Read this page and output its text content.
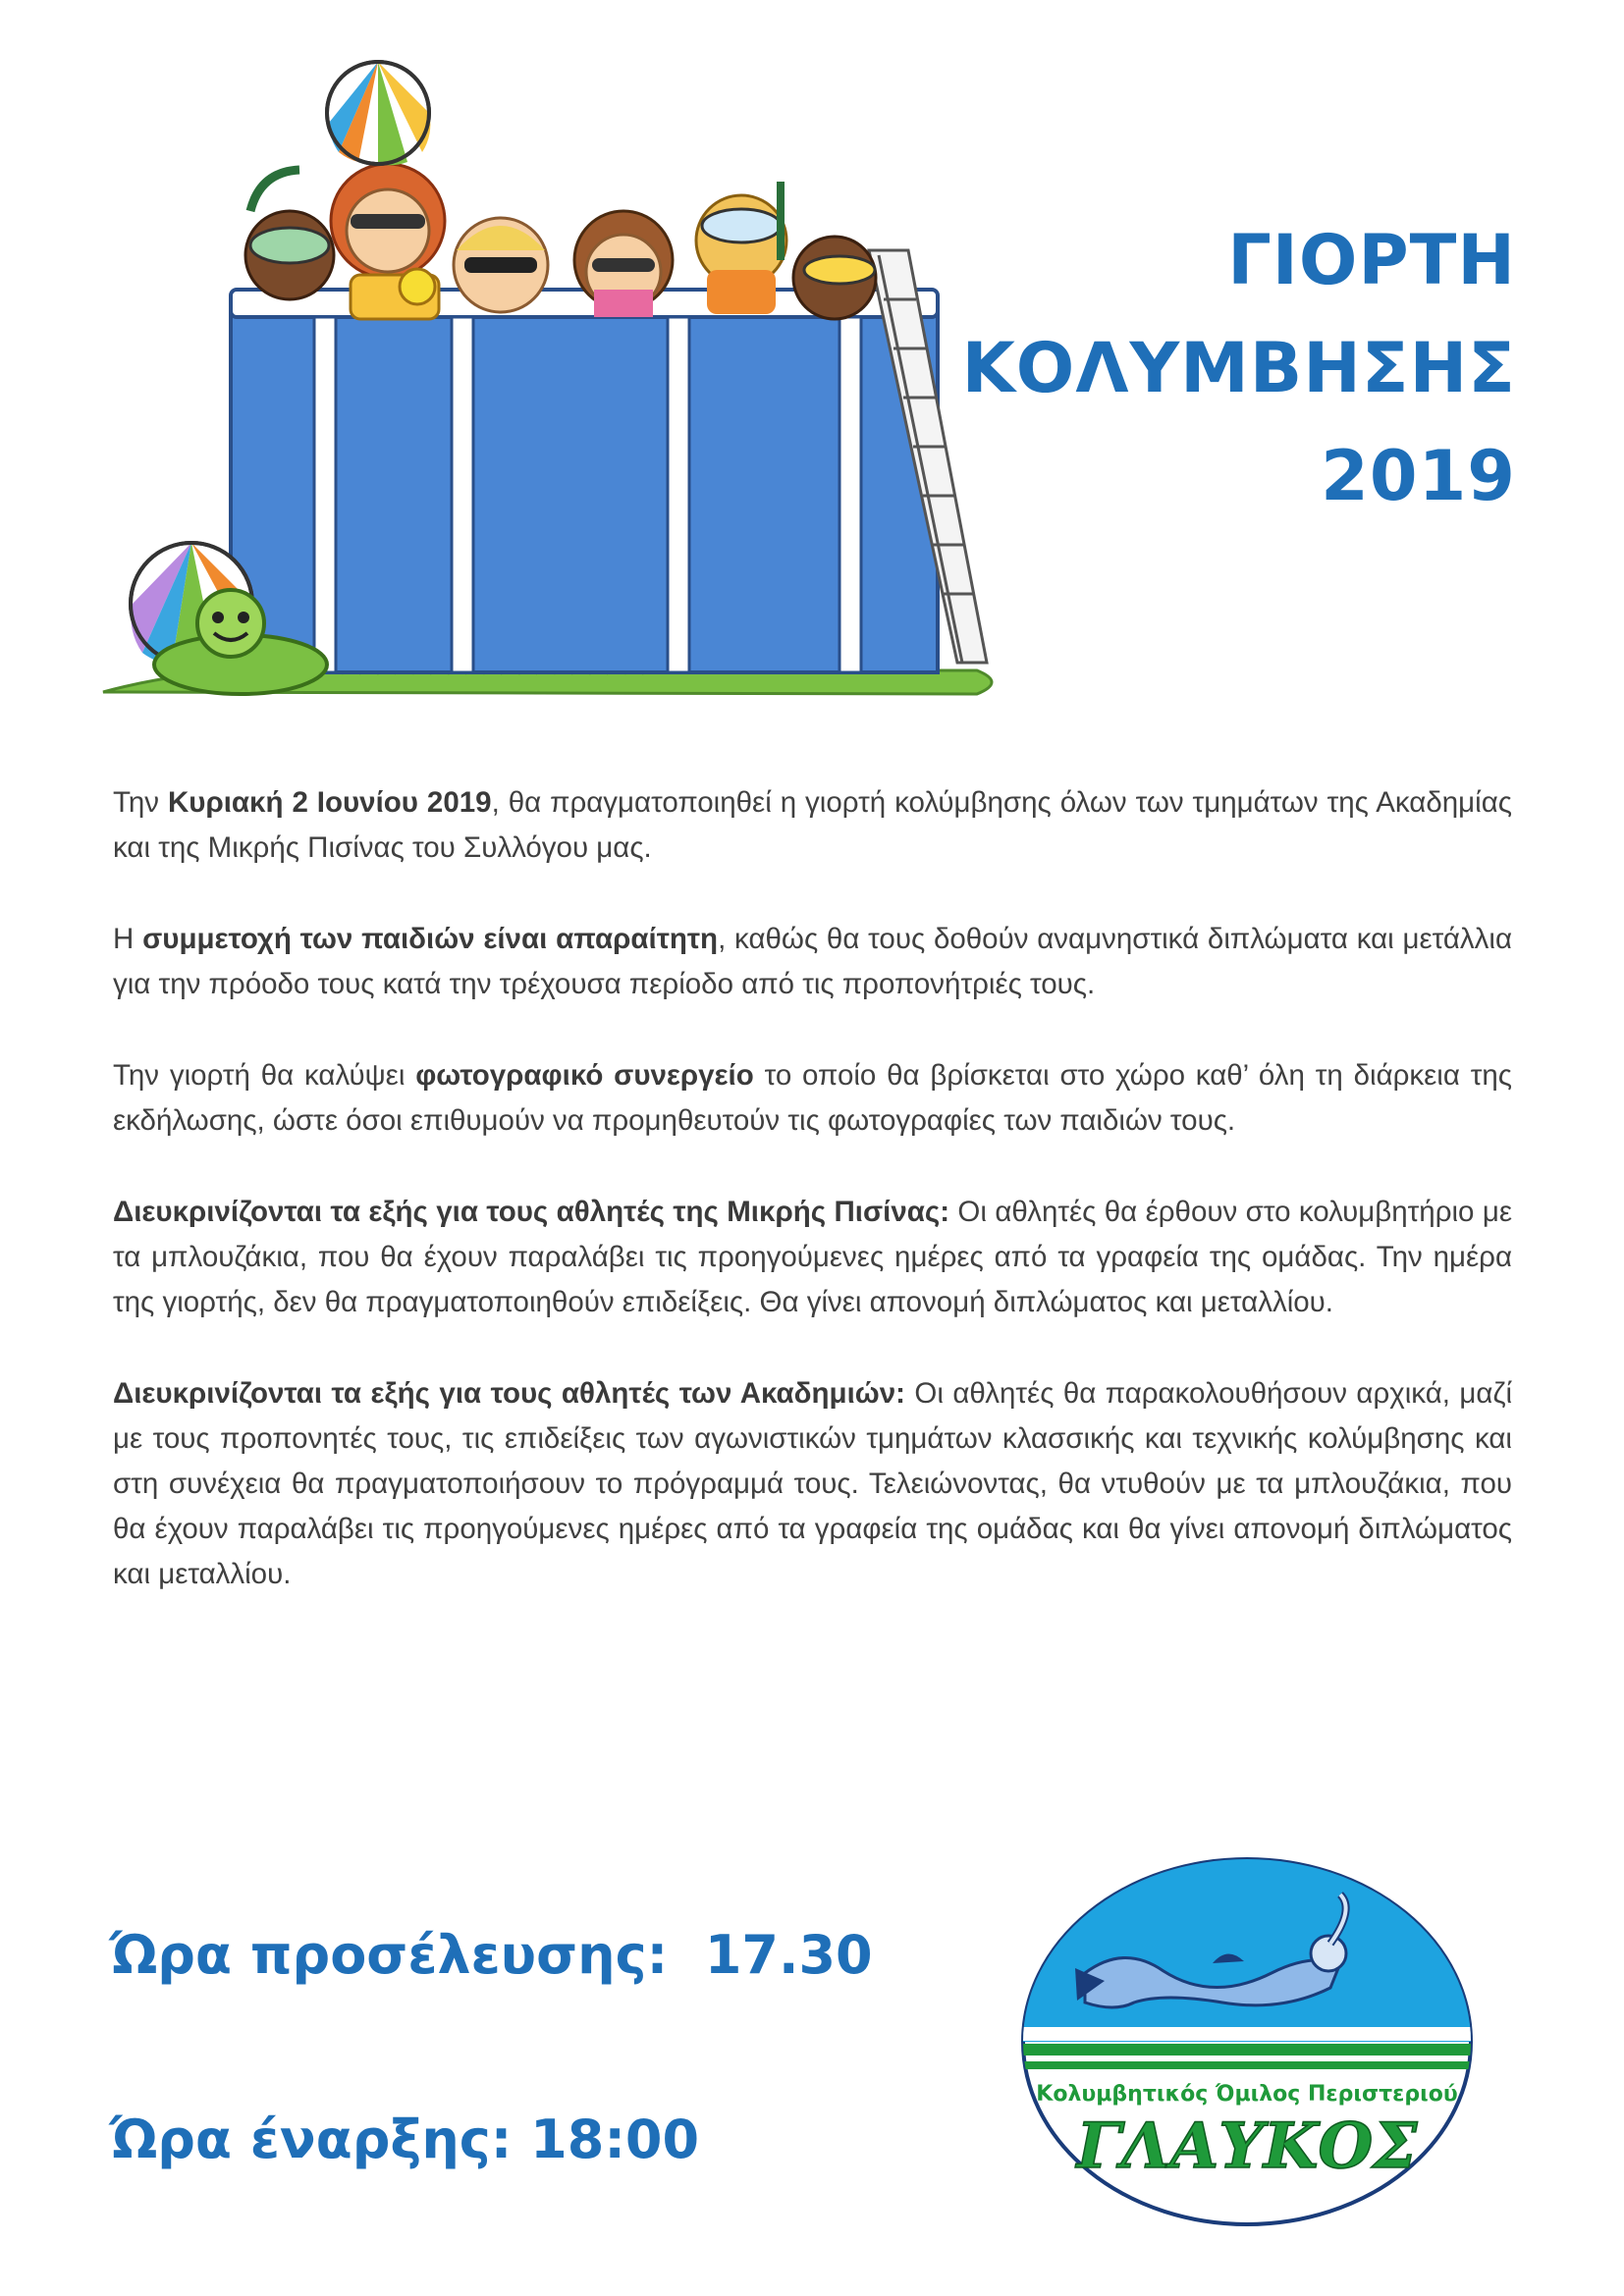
ΓΙΟΡΤΗ
ΚΟΛΥΜΒΗΣΗΣ
2019

Την Κυριακή 2 Ιουνίου 2019, θα πραγματοποιηθεί η γιορτή κολύμβησης όλων των τμημάτων της Ακαδημίας και της Μικρής Πισίνας του Συλλόγου μας.

Η συμμετοχή των παιδιών είναι απαραίτητη, καθώς θα τους δοθούν αναμνηστικά διπλώματα και μετάλλια για την πρόοδο τους κατά την τρέχουσα περίοδο από τις προπονήτριές τους.

Την γιορτή θα καλύψει φωτογραφικό συνεργείο το οποίο θα βρίσκεται στο χώρο καθ’ όλη τη διάρκεια της εκδήλωσης, ώστε όσοι επιθυμούν να προμηθευτούν τις φωτογραφίες των παιδιών τους.

Διευκρινίζονται τα εξής για τους αθλητές της Μικρής Πισίνας: Οι αθλητές θα έρθουν στο κολυμβητήριο με τα μπλουζάκια, που θα έχουν παραλάβει τις προηγούμενες ημέρες από τα γραφεία της ομάδας. Την ημέρα της γιορτής, δεν θα πραγματοποιηθούν επιδείξεις. Θα γίνει απονομή διπλώματος και μεταλλίου.

Διευκρινίζονται τα εξής για τους αθλητές των Ακαδημιών: Οι αθλητές θα παρακολουθήσουν αρχικά, μαζί με τους προπονητές τους, τις επιδείξεις των αγωνιστικών τμημάτων κλασσικής και τεχνικής κολύμβησης και στη συνέχεια θα πραγματοποιήσουν το πρόγραμμά τους. Τελειώνοντας, θα ντυθούν με τα μπλουζάκια, που θα έχουν παραλάβει τις προηγούμενες ημέρες από τα γραφεία της ομάδας και θα γίνει απονομή διπλώματος και μεταλλίου.

Ώρα προσέλευσης:  17.30
Ώρα έναρξης: 18:00
Κολυμβητικός Όμιλος Περιστεριού
ΓΛΑΥΚΟΣ
